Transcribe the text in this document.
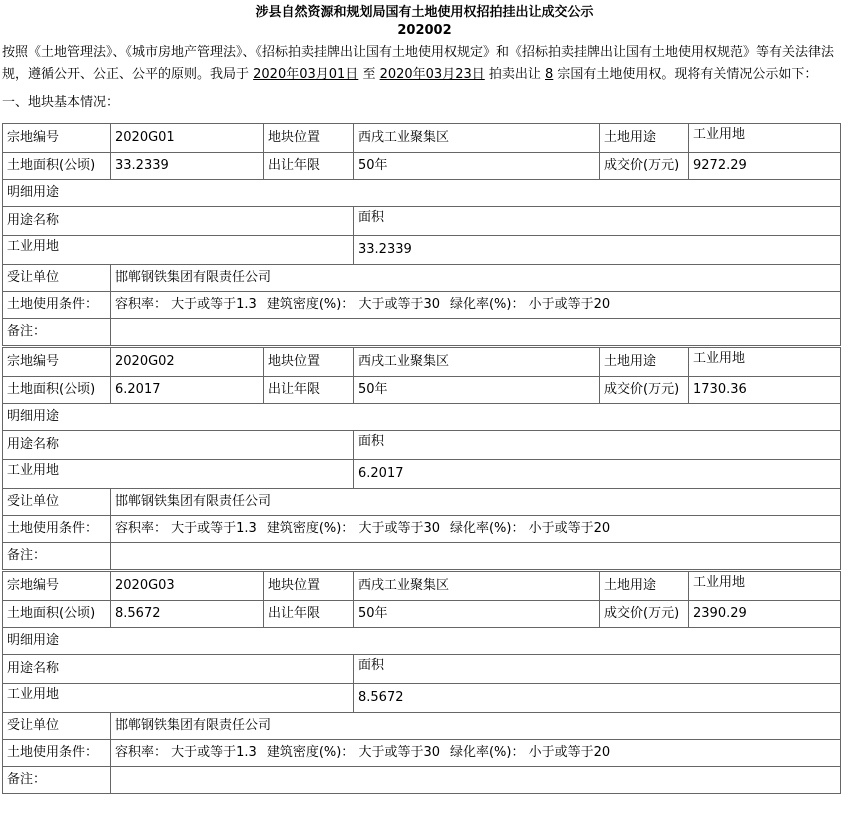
涉县自然资源和规划局国有土地使用权招拍挂出让成交公示
202002
按照《土地管理法》、《城市房地产管理法》、《招标拍卖挂牌出让国有土地使用权规定》和《招标拍卖挂牌出让国有土地使用权规范》等有关法律法规，遵循公开、公正、公平的原则。我局于 2020年03月01日 至 2020年03月23日 拍卖出让 8 宗国有土地使用权。现将有关情况公示如下：
一、地块基本情况：
宗地编号	2020G01	地块位置	西戌工业聚集区	土地用途	工业用地
土地面积(公顷)	33.2339	出让年限	50年	成交价(万元)	9272.29
明细用途					
用途名称			面积		
工业用地			33.2339		
受让单位	邯郸钢铁集团有限责任公司				
土地使用条件：	容积率： 大于或等于1.3 建筑密度(%)： 大于或等于30 绿化率(%)： 小于或等于20				
备注：					
宗地编号	2020G02	地块位置	西戌工业聚集区	土地用途	工业用地
土地面积(公顷)	6.2017	出让年限	50年	成交价(万元)	1730.36
明细用途					
用途名称			面积		
工业用地			6.2017		
受让单位	邯郸钢铁集团有限责任公司				
土地使用条件：	容积率： 大于或等于1.3 建筑密度(%)： 大于或等于30 绿化率(%)： 小于或等于20				
备注：					
宗地编号	2020G03	地块位置	西戌工业聚集区	土地用途	工业用地
土地面积(公顷)	8.5672	出让年限	50年	成交价(万元)	2390.29
明细用途					
用途名称			面积		
工业用地			8.5672		
受让单位	邯郸钢铁集团有限责任公司				
土地使用条件：	容积率： 大于或等于1.3 建筑密度(%)： 大于或等于30 绿化率(%)： 小于或等于20				
备注：					
